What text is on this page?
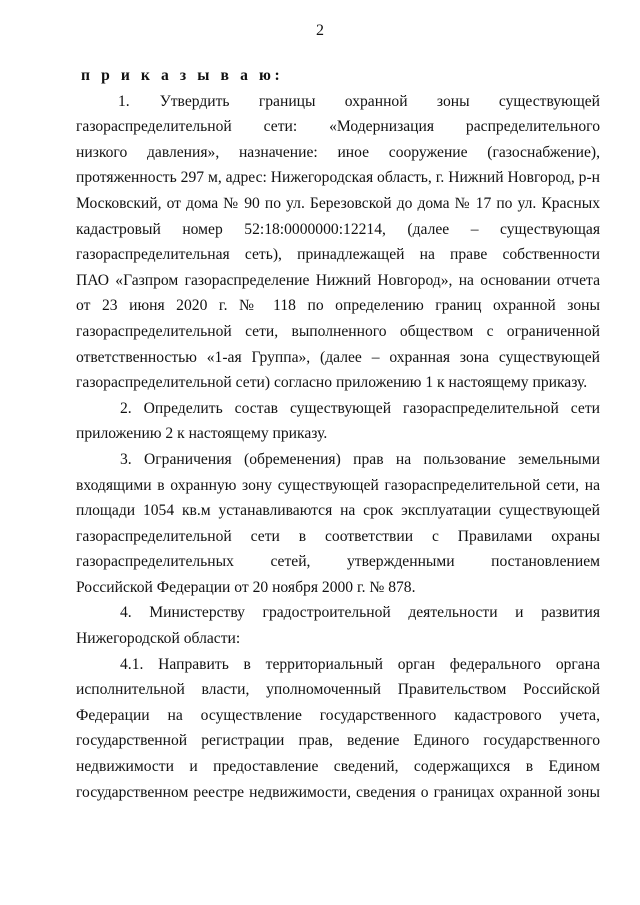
2
п р и к а з ы в а ю:
1. Утвердить границы охранной зоны существующей
газораспределительной сети: «Модернизация распределительного
низкого давления», назначение: иное сооружение (газоснабжение),
протяженность 297 м, адрес: Нижегородская область, г. Нижний Новгород, р-н
Московский, от дома № 90 по ул. Березовской до дома № 17 по ул. Красных
кадастровый номер 52:18:0000000:12214, (далее – существующая
газораспределительная сеть), принадлежащей на праве собственности
ПАО «Газпром газораспределение Нижний Новгород», на основании отчета
от 23 июня 2020 г. № 118 по определению границ охранной зоны
газораспределительной сети, выполненного обществом с ограниченной
ответственностью «1-ая Группа», (далее – охранная зона существующей
газораспределительной сети) согласно приложению 1 к настоящему приказу.
2. Определить состав существующей газораспределительной сети
приложению 2 к настоящему приказу.
3. Ограничения (обременения) прав на пользование земельными
входящими в охранную зону существующей газораспределительной сети, на
площади 1054 кв.м устанавливаются на срок эксплуатации существующей
газораспределительной сети в соответствии с Правилами охраны
газораспределительных сетей, утвержденными постановлением
Российской Федерации от 20 ноября 2000 г. № 878.
4. Министерству градостроительной деятельности и развития
Нижегородской области:
4.1. Направить в территориальный орган федерального органа
исполнительной власти, уполномоченный Правительством Российской
Федерации на осуществление государственного кадастрового учета,
государственной регистрации прав, ведение Единого государственного
недвижимости и предоставление сведений, содержащихся в Едином
государственном реестре недвижимости, сведения о границах охранной зоны
